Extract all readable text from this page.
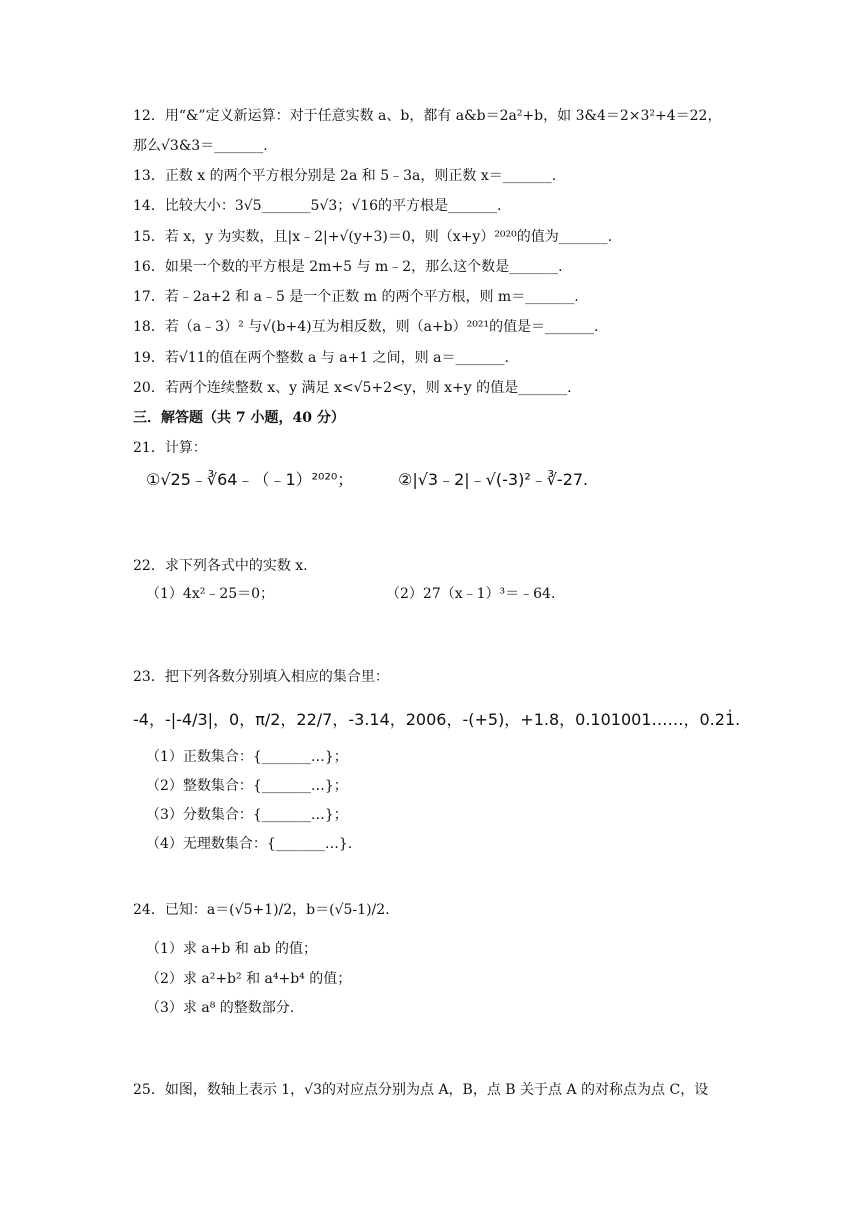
12．用“&”定义新运算：对于任意实数 a、b，都有 a&b＝2a²+b，如 3&4＝2×3²+4＝22，
那么√3&3＝_______.
13．正数 x 的两个平方根分别是 2a 和 5﹣3a，则正数 x＝_______.
14．比较大小：3√5_______5√3；√16的平方根是_______.
15．若 x，y 为实数，且|x﹣2|+√(y+3)＝0，则（x+y）²⁰²⁰的值为_______.
16．如果一个数的平方根是 2m+5 与 m﹣2，那么这个数是_______.
17．若﹣2a+2 和 a﹣5 是一个正数 m 的两个平方根，则 m＝_______.
18．若（a﹣3）² 与√(b+4)互为相反数，则（a+b）²⁰²¹的值是＝_______.
19．若√11的值在两个整数 a 与 a+1 之间，则 a＝_______.
20．若两个连续整数 x、y 满足 x<√5+2<y，则 x+y 的值是_______.
三．解答题（共 7 小题，40 分）
21．计算：
①√25﹣∛64﹣（﹣1）²⁰²⁰；	②|√3﹣2|﹣√(-3)²﹣∛-27.
22．求下列各式中的实数 x.
（1）4x²﹣25＝0；	（2）27（x﹣1）³＝﹣64.
23．把下列各数分别填入相应的集合里：
-4，-|-4/3|，0，π/2，22/7，-3.14，2006，-(+5)，+1.8，0.101001……，0.21̇.
（1）正数集合：{_______…}；
（2）整数集合：{_______…}；
（3）分数集合：{_______…}；
（4）无理数集合：{_______…}.
24．已知：a＝(√5+1)/2，b＝(√5-1)/2.
（1）求 a+b 和 ab 的值；
（2）求 a²+b² 和 a⁴+b⁴ 的值；
（3）求 a⁸ 的整数部分.
25．如图，数轴上表示 1，√3的对应点分别为点 A，B，点 B 关于点 A 的对称点为点 C，设
